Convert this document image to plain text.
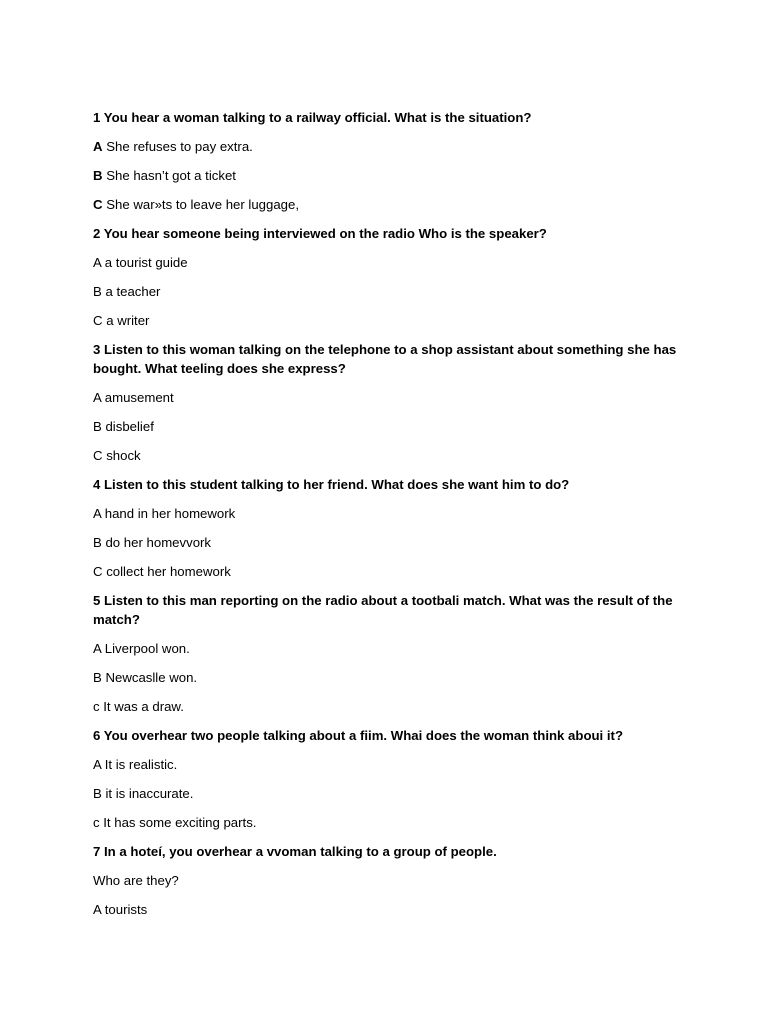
1 You hear a woman talking to a railway official. What is the situation?

A She refuses to pay extra.

B She hasn’t got a ticket

C She war»ts to leave her luggage,

2 You hear someone being interviewed on the radio Who is the speaker?

A a tourist guide

B a teacher

C a writer

3 Listen to this woman talking on the telephone to a shop assistant about something she has bought. What teeling does she express?

A amusement

B disbelief

C shock

4 Listen to this student talking to her friend. What does she want him to do?

A hand in her homework

B do her homevvork

C collect her homework

5 Listen to this man reporting on the radio about a tootbali match. What was the result of the match?

A Liverpool won.

B Newcaslle won.

c It was a draw.

6 You overhear two people talking about a fiim. Whai does the woman think aboui it?

A It is realistic.

B it is inaccurate.

c It has some exciting parts.

7 In a hoteí, you overhear a vvoman talking to a group of people.

Who are they?

A tourists
